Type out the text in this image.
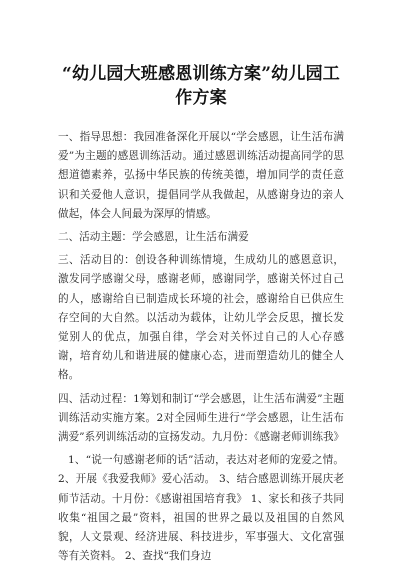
“幼儿园大班感恩训练方案”幼儿园工作方案

一、指导思想：我园准备深化开展以“学会感恩，让生活布满爱”为主题的感恩训练活动。通过感恩训练活动提高同学的思想道德素养，弘扬中华民族的传统美德，增加同学的责任意识和关爱他人意识，提倡同学从我做起，从感谢身边的亲人做起，体会人间最为深厚的情感。

二、活动主题：学会感恩，让生活布满爱

三、活动目的：创设各种训练情境，生成幼儿的感恩意识，激发同学感谢父母，感谢老师，感谢同学，感谢关怀过自己的人，感谢给自已制造成长环境的社会，感谢给自已供应生存空间的大自然。以活动为载体，让幼儿学会反思，擅长发觉别人的优点，加强自律，学会对关怀过自己的人心存感谢，培育幼儿和谐进展的健康心态，进而塑造幼儿的健全人格。

四、活动过程：1筹划和制订“学会感恩，让生活布满爱”主题训练活动实施方案。2对全园师生进行“学会感恩，让生活布满爱”系列训练活动的宣扬发动。九月份：《感谢老师训练我》

1、“说一句感谢老师的话”活动，表达对老师的宠爱之情。 2、开展《我爱我师》爱心活动。 3、结合感恩训练开展庆老师节活动。十月份：《感谢祖国培育我》 1、家长和孩子共同收集“祖国之最”资料，祖国的世界之最以及祖国的自然风貌，人文景观、经济进展、科技进步，军事强大、文化富强等有关资料。 2、查找“我们身边
